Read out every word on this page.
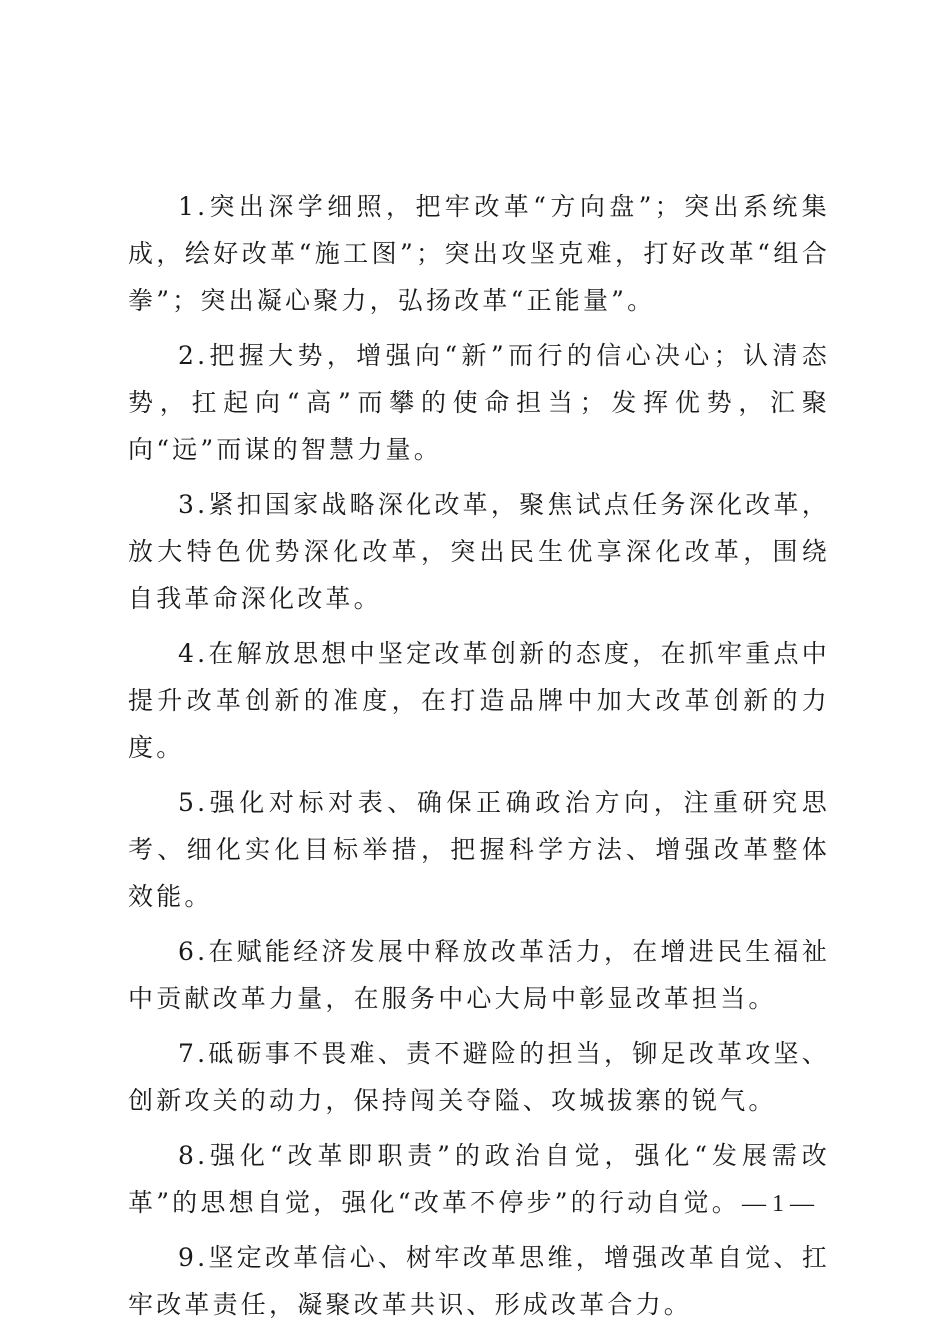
1.突出深学细照，把牢改革“方向盘”；突出系统集成，绘好改革“施工图”；突出攻坚克难，打好改革“组合拳”；突出凝心聚力，弘扬改革“正能量”。

2.把握大势，增强向“新”而行的信心决心；认清态势，扛起向“高”而攀的使命担当；发挥优势，汇聚向“远”而谋的智慧力量。

3.紧扣国家战略深化改革，聚焦试点任务深化改革，放大特色优势深化改革，突出民生优享深化改革，围绕自我革命深化改革。

4.在解放思想中坚定改革创新的态度，在抓牢重点中提升改革创新的准度，在打造品牌中加大改革创新的力度。

5.强化对标对表、确保正确政治方向，注重研究思考、细化实化目标举措，把握科学方法、增强改革整体效能。

6.在赋能经济发展中释放改革活力，在增进民生福祉中贡献改革力量，在服务中心大局中彰显改革担当。

7.砥砺事不畏难、责不避险的担当，铆足改革攻坚、创新攻关的动力，保持闯关夺隘、攻城拔寨的锐气。

8.强化“改革即职责”的政治自觉，强化“发展需改革”的思想自觉，强化“改革不停步”的行动自觉。

9.坚定改革信心、树牢改革思维，增强改革自觉、扛牢改革责任，凝聚改革共识、形成改革合力。

— 1 —
